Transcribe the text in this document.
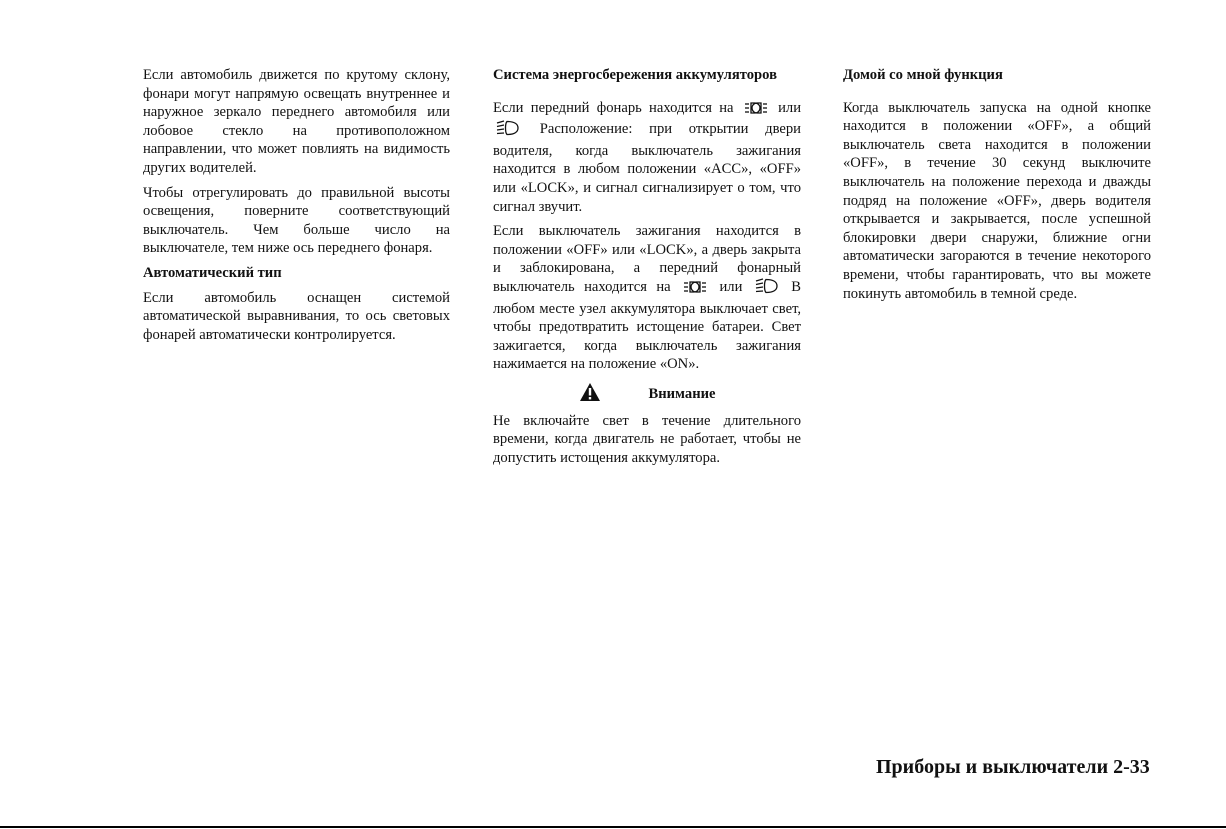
Если автомобиль движется по крутому склону, фонари могут напрямую освещать внутреннее и наружное зеркало переднего автомобиля или лобовое стекло на противоположном направлении, что может повлиять на видимость других водителей.

Чтобы отрегулировать до правильной высоты освещения, поверните соответствующий выключатель. Чем больше число на выключателе, тем ниже ось переднего фонаря.

Автоматический тип

Если автомобиль оснащен системой автоматической выравнивания, то ось световых фонарей автоматически контролируется.

Система энергосбережения аккумуляторов

Если передний фонарь находится на	или  Расположение: при открытии двери водителя, когда выключатель зажигания находится в любом положении «ACC», «OFF» или «LOCK», и сигнал сигнализирует о том, что сигнал звучит.

Если выключатель зажигания находится в положении «OFF» или «LOCK», а дверь закрыта и заблокирована, а передний фонарный выключатель находится на	или	В любом месте узел аккумулятора выключает свет, чтобы предотвратить истощение батареи. Свет зажигается, когда выключатель зажигания нажимается на положение «ON».

Внимание

Не включайте свет в течение длительного времени, когда двигатель не работает, чтобы не допустить истощения аккумулятора.

Домой со мной функция

Когда выключатель запуска на одной кнопке находится в положении «OFF», а общий выключатель света находится в положении «OFF», в течение 30 секунд выключите выключатель на положение перехода и дважды подряд на положение «OFF», дверь водителя открывается и закрывается, после успешной блокировки двери снаружи, ближние огни автоматически загораются в течение некоторого времени, чтобы гарантировать, что вы можете покинуть автомобиль в темной среде.

Приборы и выключатели 2-33
